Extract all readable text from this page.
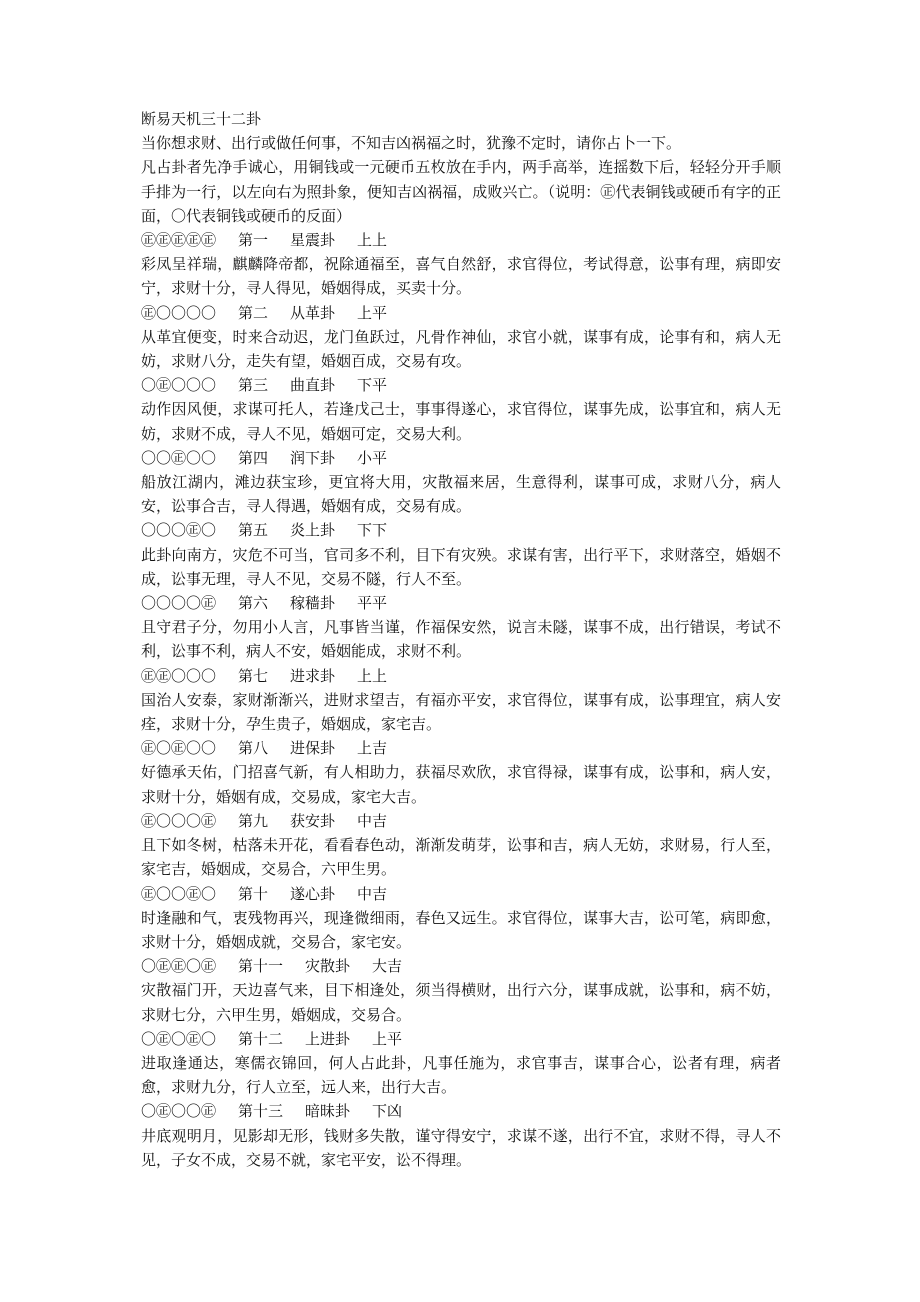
断易天机三十二卦

当你想求财、出行或做任何事，不知吉凶祸福之时，犹豫不定时，请你占卜一下。

凡占卦者先净手诚心，用铜钱或一元硬币五枚放在手内，两手高举，连摇数下后，轻轻分开手顺手排为一行，以左向右为照卦象，便知吉凶祸福，成败兴亡。（说明：㊣代表铜钱或硬币有字的正面，〇代表铜钱或硬币的反面）

㊣㊣㊣㊣㊣ 第一 星震卦 上上

彩凤呈祥瑞，麒麟降帝都，祝除通福至，喜气自然舒，求官得位，考试得意，讼事有理，病即安宁，求财十分，寻人得见，婚姻得成，买卖十分。

㊣〇〇〇〇 第二 从革卦 上平

从革宜便变，时来合动迟，龙门鱼跃过，凡骨作神仙，求官小就，谋事有成，论事有和，病人无妨，求财八分，走失有望，婚姻百成，交易有攻。

〇㊣〇〇〇 第三 曲直卦 下平

动作因风便，求谋可托人，若逢戊己士，事事得遂心，求官得位，谋事先成，讼事宜和，病人无妨，求财不成，寻人不见，婚姻可定，交易大利。

〇〇㊣〇〇 第四 润下卦 小平

船放江湖内，滩边获宝珍，更宜将大用，灾散福来居，生意得利，谋事可成，求财八分，病人安，讼事合吉，寻人得遇，婚姻有成，交易有成。

〇〇〇㊣〇 第五 炎上卦 下下

此卦向南方，灾危不可当，官司多不利，目下有灾殃。求谋有害，出行平下，求财落空，婚姻不成，讼事无理，寻人不见，交易不隧，行人不至。

〇〇〇〇㊣ 第六 稼穑卦 平平

且守君子分，勿用小人言，凡事皆当谨，作福保安然，说言未隧，谋事不成，出行错误，考试不利，讼事不利，病人不安，婚姻能成，求财不利。

㊣㊣〇〇〇 第七 进求卦 上上

国治人安泰，家财渐渐兴，进财求望吉，有福亦平安，求官得位，谋事有成，讼事理宜，病人安痊，求财十分，孕生贵子，婚姻成，家宅吉。

㊣〇㊣〇〇 第八 进保卦 上吉

好德承天佑，门招喜气新，有人相助力，获福尽欢欣，求官得禄，谋事有成，讼事和，病人安，求财十分，婚姻有成，交易成，家宅大吉。

㊣〇〇〇㊣ 第九 获安卦 中吉

且下如冬树，枯落未开花，看看春色动，渐渐发萌芽，讼事和吉，病人无妨，求财易，行人至，家宅吉，婚姻成，交易合，六甲生男。

㊣〇〇㊣〇 第十 遂心卦 中吉

时逢融和气，衷残物再兴，现逢微细雨，春色又远生。求官得位，谋事大吉，讼可笔，病即愈，求财十分，婚姻成就，交易合，家宅安。

〇㊣㊣〇㊣ 第十一 灾散卦 大吉

灾散福门开，天边喜气来，目下相逢处，须当得横财，出行六分，谋事成就，讼事和，病不妨，求财七分，六甲生男，婚姻成，交易合。

〇㊣〇㊣〇 第十二 上进卦 上平

进取逢通达，寒儒衣锦回，何人占此卦，凡事任施为，求官事吉，谋事合心，讼者有理，病者愈，求财九分，行人立至，远人来，出行大吉。

〇㊣〇〇㊣ 第十三 暗昧卦 下凶

井底观明月，见影却无形，钱财多失散，谨守得安宁，求谋不遂，出行不宜，求财不得，寻人不见，子女不成，交易不就，家宅平安，讼不得理。
